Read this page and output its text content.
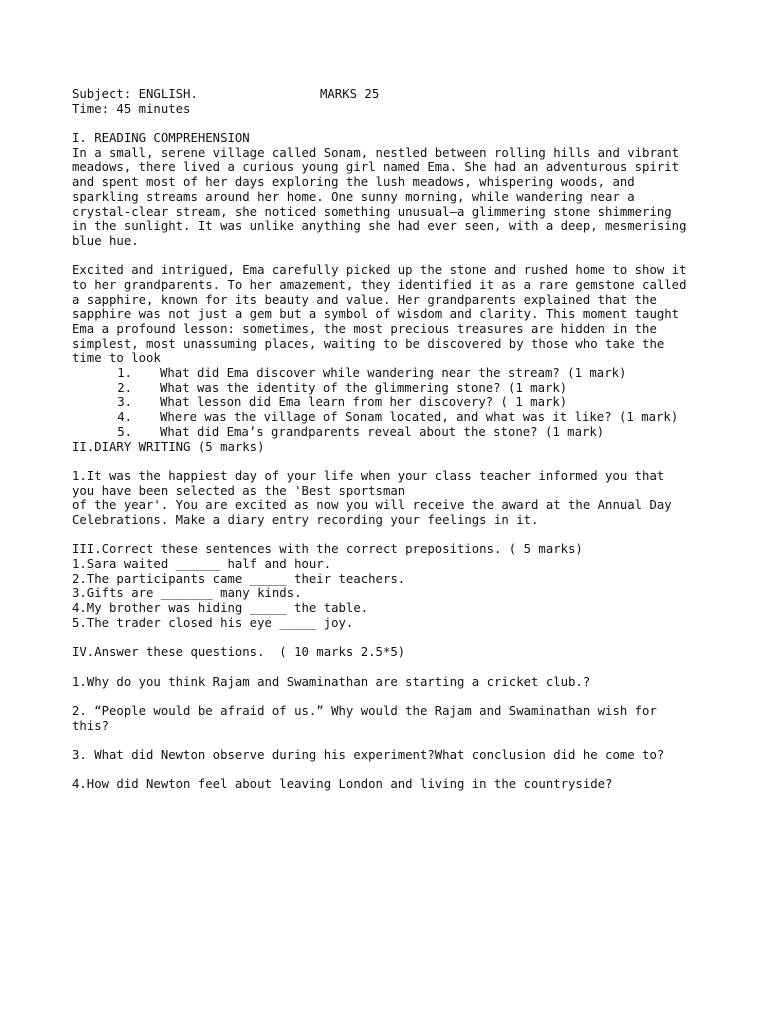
Subject: ENGLISH.	MARKS 25
Time: 45 minutes
I. READING COMPREHENSION
In a small, serene village called Sonam, nestled between rolling hills and vibrant
meadows, there lived a curious young girl named Ema. She had an adventurous spirit
and spent most of her days exploring the lush meadows, whispering woods, and
sparkling streams around her home. One sunny morning, while wandering near a
crystal-clear stream, she noticed something unusual—a glimmering stone shimmering
in the sunlight. It was unlike anything she had ever seen, with a deep, mesmerising
blue hue.
Excited and intrigued, Ema carefully picked up the stone and rushed home to show it
to her grandparents. To her amazement, they identified it as a rare gemstone called
a sapphire, known for its beauty and value. Her grandparents explained that the
sapphire was not just a gem but a symbol of wisdom and clarity. This moment taught
Ema a profound lesson: sometimes, the most precious treasures are hidden in the
simplest, most unassuming places, waiting to be discovered by those who take the
time to look
1.	What did Ema discover while wandering near the stream? (1 mark)
2.	What was the identity of the glimmering stone? (1 mark)
3.	What lesson did Ema learn from her discovery? ( 1 mark)
4.	Where was the village of Sonam located, and what was it like? (1 mark)
5.	What did Ema’s grandparents reveal about the stone? (1 mark)
II.DIARY WRITING (5 marks)
1.It was the happiest day of your life when your class teacher informed you that
you have been selected as the 'Best sportsman
of the year'. You are excited as now you will receive the award at the Annual Day
Celebrations. Make a diary entry recording your feelings in it.
III.Correct these sentences with the correct prepositions. ( 5 marks)
1.Sara waited ______ half and hour.
2.The participants came _____ their teachers.
3.Gifts are _______ many kinds.
4.My brother was hiding _____ the table.
5.The trader closed his eye _____ joy.
IV.Answer these questions.  ( 10 marks 2.5*5)
1.Why do you think Rajam and Swaminathan are starting a cricket club.?
2. “People would be afraid of us.” Why would the Rajam and Swaminathan wish for
this?
3. What did Newton observe during his experiment?What conclusion did he come to?
4.How did Newton feel about leaving London and living in the countryside?
